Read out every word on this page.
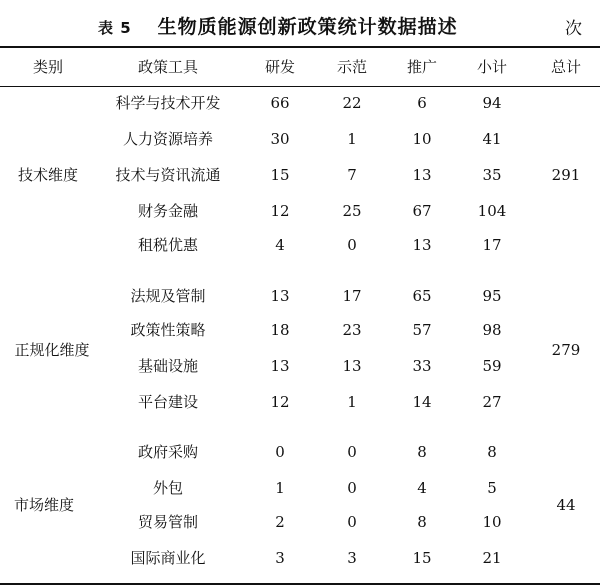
表 5 生物质能源创新政策统计数据描述	次
类别	政策工具	研发	示范	推广	小计	总计
技术维度	291
科学与技术开发	66	22	6	94
人力资源培养	30	1	10	41
技术与资讯流通	15	7	13	35
财务金融	12	25	67	104
租税优惠	4	0	13	17
正规化维度	279
法规及管制	13	17	65	95
政策性策略	18	23	57	98
基础设施	13	13	33	59
平台建设	12	1	14	27
市场维度	44
政府采购	0	0	8	8
外包	1	0	4	5
贸易管制	2	0	8	10
国际商业化	3	3	15	21
